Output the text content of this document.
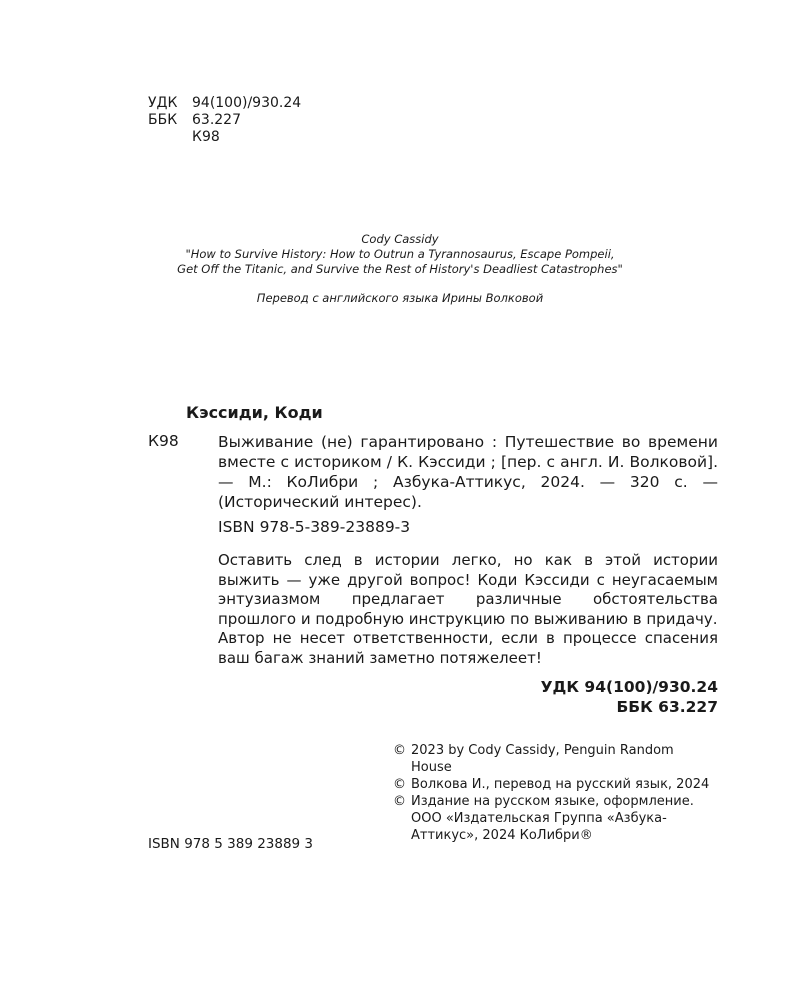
УДК	94(100)/930.24
ББК	63.227
К98
Cody Cassidy
"How to Survive History: How to Outrun a Tyrannosaurus, Escape Pompeii,
Get Off the Titanic, and Survive the Rest of History's Deadliest Catastrophes"
Перевод с английского языка Ирины Волковой
Кэссиди, Коди
К98	Выживание (не) гарантировано : Путешествие во времени вместе с историком / К. Кэссиди ; [пер. с англ. И. Волковой]. — М.: КоЛибри ; Азбука-Аттикус, 2024. — 320 с. — (Исторический интерес).
ISBN 978-5-389-23889-3

Оставить след в истории легко, но как в этой истории выжить — уже другой вопрос! Коди Кэссиди с неугасаемым энтузиазмом предлагает различные обстоятельства прошлого и подробную инструкцию по выживанию в придачу.

Автор не несет ответственности, если в процессе спасения ваш багаж знаний заметно потяжелеет!

УДК 94(100)/930.24
ББК 63.227
© 2023 by Cody Cassidy, Penguin Random House
© Волкова И., перевод на русский язык, 2024
© Издание на русском языке, оформление. ООО «Издательская Группа «Азбука-Аттикус», 2024 КоЛибри®
ISBN 978 5 389 23889 3
